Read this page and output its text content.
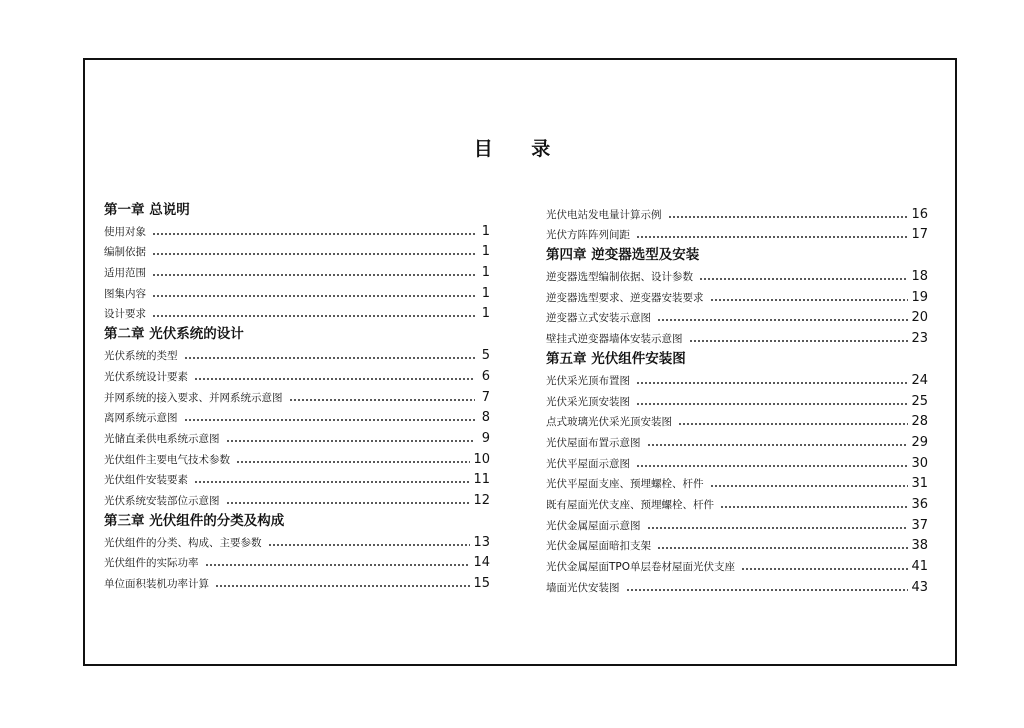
目 录
第一章 总说明
使用对象	1
编制依据	1
适用范围	1
图集内容	1
设计要求	1
第二章 光伏系统的设计
光伏系统的类型	5
光伏系统设计要素	6
并网系统的接入要求、并网系统示意图	7
离网系统示意图	8
光储直柔供电系统示意图	9
光伏组件主要电气技术参数	10
光伏组件安装要素	11
光伏系统安装部位示意图	12
第三章 光伏组件的分类及构成
光伏组件的分类、构成、主要参数	13
光伏组件的实际功率	14
单位面积装机功率计算	15
光伏电站发电量计算示例	16
光伏方阵阵列间距	17
第四章 逆变器选型及安装
逆变器选型编制依据、设计参数	18
逆变器选型要求、逆变器安装要求	19
逆变器立式安装示意图	20
壁挂式逆变器墙体安装示意图	23
第五章 光伏组件安装图
光伏采光顶布置图	24
光伏采光顶安装图	25
点式玻璃光伏采光顶安装图	28
光伏屋面布置示意图	29
光伏平屋面示意图	30
光伏平屋面支座、预埋螺栓、杆件	31
既有屋面光伏支座、预埋螺栓、杆件	36
光伏金属屋面示意图	37
光伏金属屋面暗扣支架	38
光伏金属屋面TPO单层卷材屋面光伏支座	41
墙面光伏安装图	43
